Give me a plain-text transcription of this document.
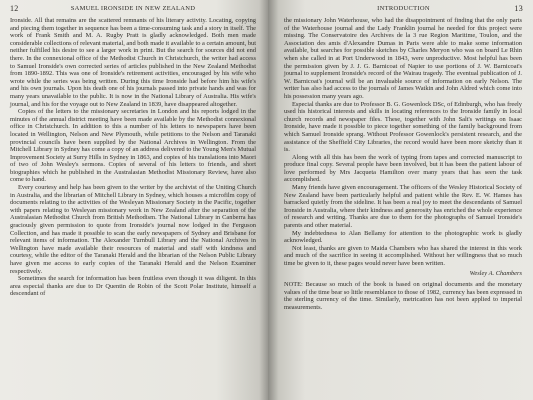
12	SAMUEL IRONSIDE IN NEW ZEALAND

Ironside. All that remains are the scattered remnants of his literary activity. Locating, copying and piecing them together in sequence has been a time-consuming task and a story in itself. The work of Frank Smith and M. A. Rugby Pratt is gladly acknowledged. Both men made considerable collections of relevant material, and both made it available to a certain amount, but neither fulfilled his desire to see a larger work in print. But the search for sources did not end there. In the connexional office of the Methodist Church in Christchurch, the writer had access to Samuel Ironside's own corrected series of articles published in the New Zealand Methodist from 1890-1892. This was one of Ironside's retirement activities, encouraged by his wife who wrote while the series was being written. During this time Ironside had before him his wife's and his own journals. Upon his death one of his journals passed into private hands and was for many years unavailable to the public. It is now in the National Library of Australia. His wife's journal, and his for the voyage out to New Zealand in 1839, have disappeared altogether.

Copies of the letters to the missionary secretaries in London and his reports lodged in the minutes of the annual district meeting have been made available by the Methodist connexional office in Christchurch. In addition to this a number of his letters to newspapers have been located in Wellington, Nelson and New Plymouth, while petitions to the Nelson and Taranaki provincial councils have been supplied by the National Archives in Wellington. From the Mitchell Library in Sydney has come a copy of an address delivered to the Young Men's Mutual Improvement Society at Surry Hills in Sydney in 1863, and copies of his translations into Maori of two of John Wesley's sermons. Copies of several of his letters to friends, and short biographies which he published in the Australasian Methodist Missionary Review, have also come to hand.

Every courtesy and help has been given to the writer by the archivist of the Uniting Church in Australia, and the librarian of Mitchell Library in Sydney, which houses a microfilm copy of documents relating to the activities of the Wesleyan Missionary Society in the Pacific, together with papers relating to Wesleyan missionary work in New Zealand after the separation of the Australasian Methodist Church from British Methodism. The National Library in Canberra has graciously given permission to quote from Ironside's journal now lodged in the Ferguson Collection, and has made it possible to scan the early newspapers of Sydney and Brisbane for relevant items of information. The Alexander Turnbull Library and the National Archives in Wellington have made available their resources of material and staff with kindness and courtesy, while the editor of the Taranaki Herald and the librarian of the Nelson Public Library have given me access to early copies of the Taranaki Herald and the Nelson Examiner respectively.

Sometimes the search for information has been fruitless even though it was diligent. In this area especial thanks are due to Dr Quentin de Robin of the Scott Polar Institute, himself a descendant of

INTRODUCTION	13

the missionary John Waterhouse, who had the disappointment of finding that the only parts of the Waterhouse journal and the Lady Franklin journal he needed for this project were missing. The Conservatoire des Archives de la 3 rue Region Maritime, Toulon, and the Association des amis d'Alexandre Dumas in Paris were able to make some information available, but searches for possible sketches by Charles Meryon who was on board Le Rhin when she called in at Port Underwood in 1843, were unproductive. Most helpful has been the permission given by J. J. G. Barnicoat of Napier to use portions of J. W. Barnicoat's journal to supplement Ironside's record of the Wairau tragedy. The eventual publication of J. W. Barnicoat's journal will be an invaluable source of information on early Nelson. The writer has also had access to the journals of James Watkin and John Aldred which come into his possession many years ago.

Especial thanks are due to Professor B. G. Gowenlock DSc, of Edinburgh, who has freely used his historical interests and skills in locating references to the Ironside family in local church records and newspaper files. These, together with John Salt's writings on Isaac Ironside, have made it possible to piece together something of the family background from which Samuel Ironside sprang. Without Professor Gowenlock's persistent research, and the assistance of the Sheffield City Libraries, the record would have been more sketchy than it is.

Along with all this has been the work of typing from tapes and corrected manuscript to produce final copy. Several people have been involved, but it has been the patient labour of love performed by Mrs Jacqueta Hamilton over many years that has seen the task accomplished.

Many friends have given encouragement. The officers of the Wesley Historical Society of New Zealand have been particularly helpful and patient while the Rev. E. W. Hames has barracked quietly from the sideline. It has been a real joy to meet the descendants of Samuel Ironside in Australia, where their kindness and generosity has enriched the whole experience of research and writing. Thanks are due to them for the photographs of Samuel Ironside's parents and other material.

My indebtedness to Alan Bellamy for attention to the photographic work is gladly acknowledged.

Not least, thanks are given to Maida Chambers who has shared the interest in this work and much of the sacrifice in seeing it accomplished. Without her willingness that so much time be given to it, these pages would never have been written.

Wesley A. Chambers

NOTE: Because so much of the book is based on original documents and the monetary values of the time bear so little resemblance to those of 1982, currency has been expressed in the sterling currency of the time. Similarly, metrication has not been applied to imperial measurements.
